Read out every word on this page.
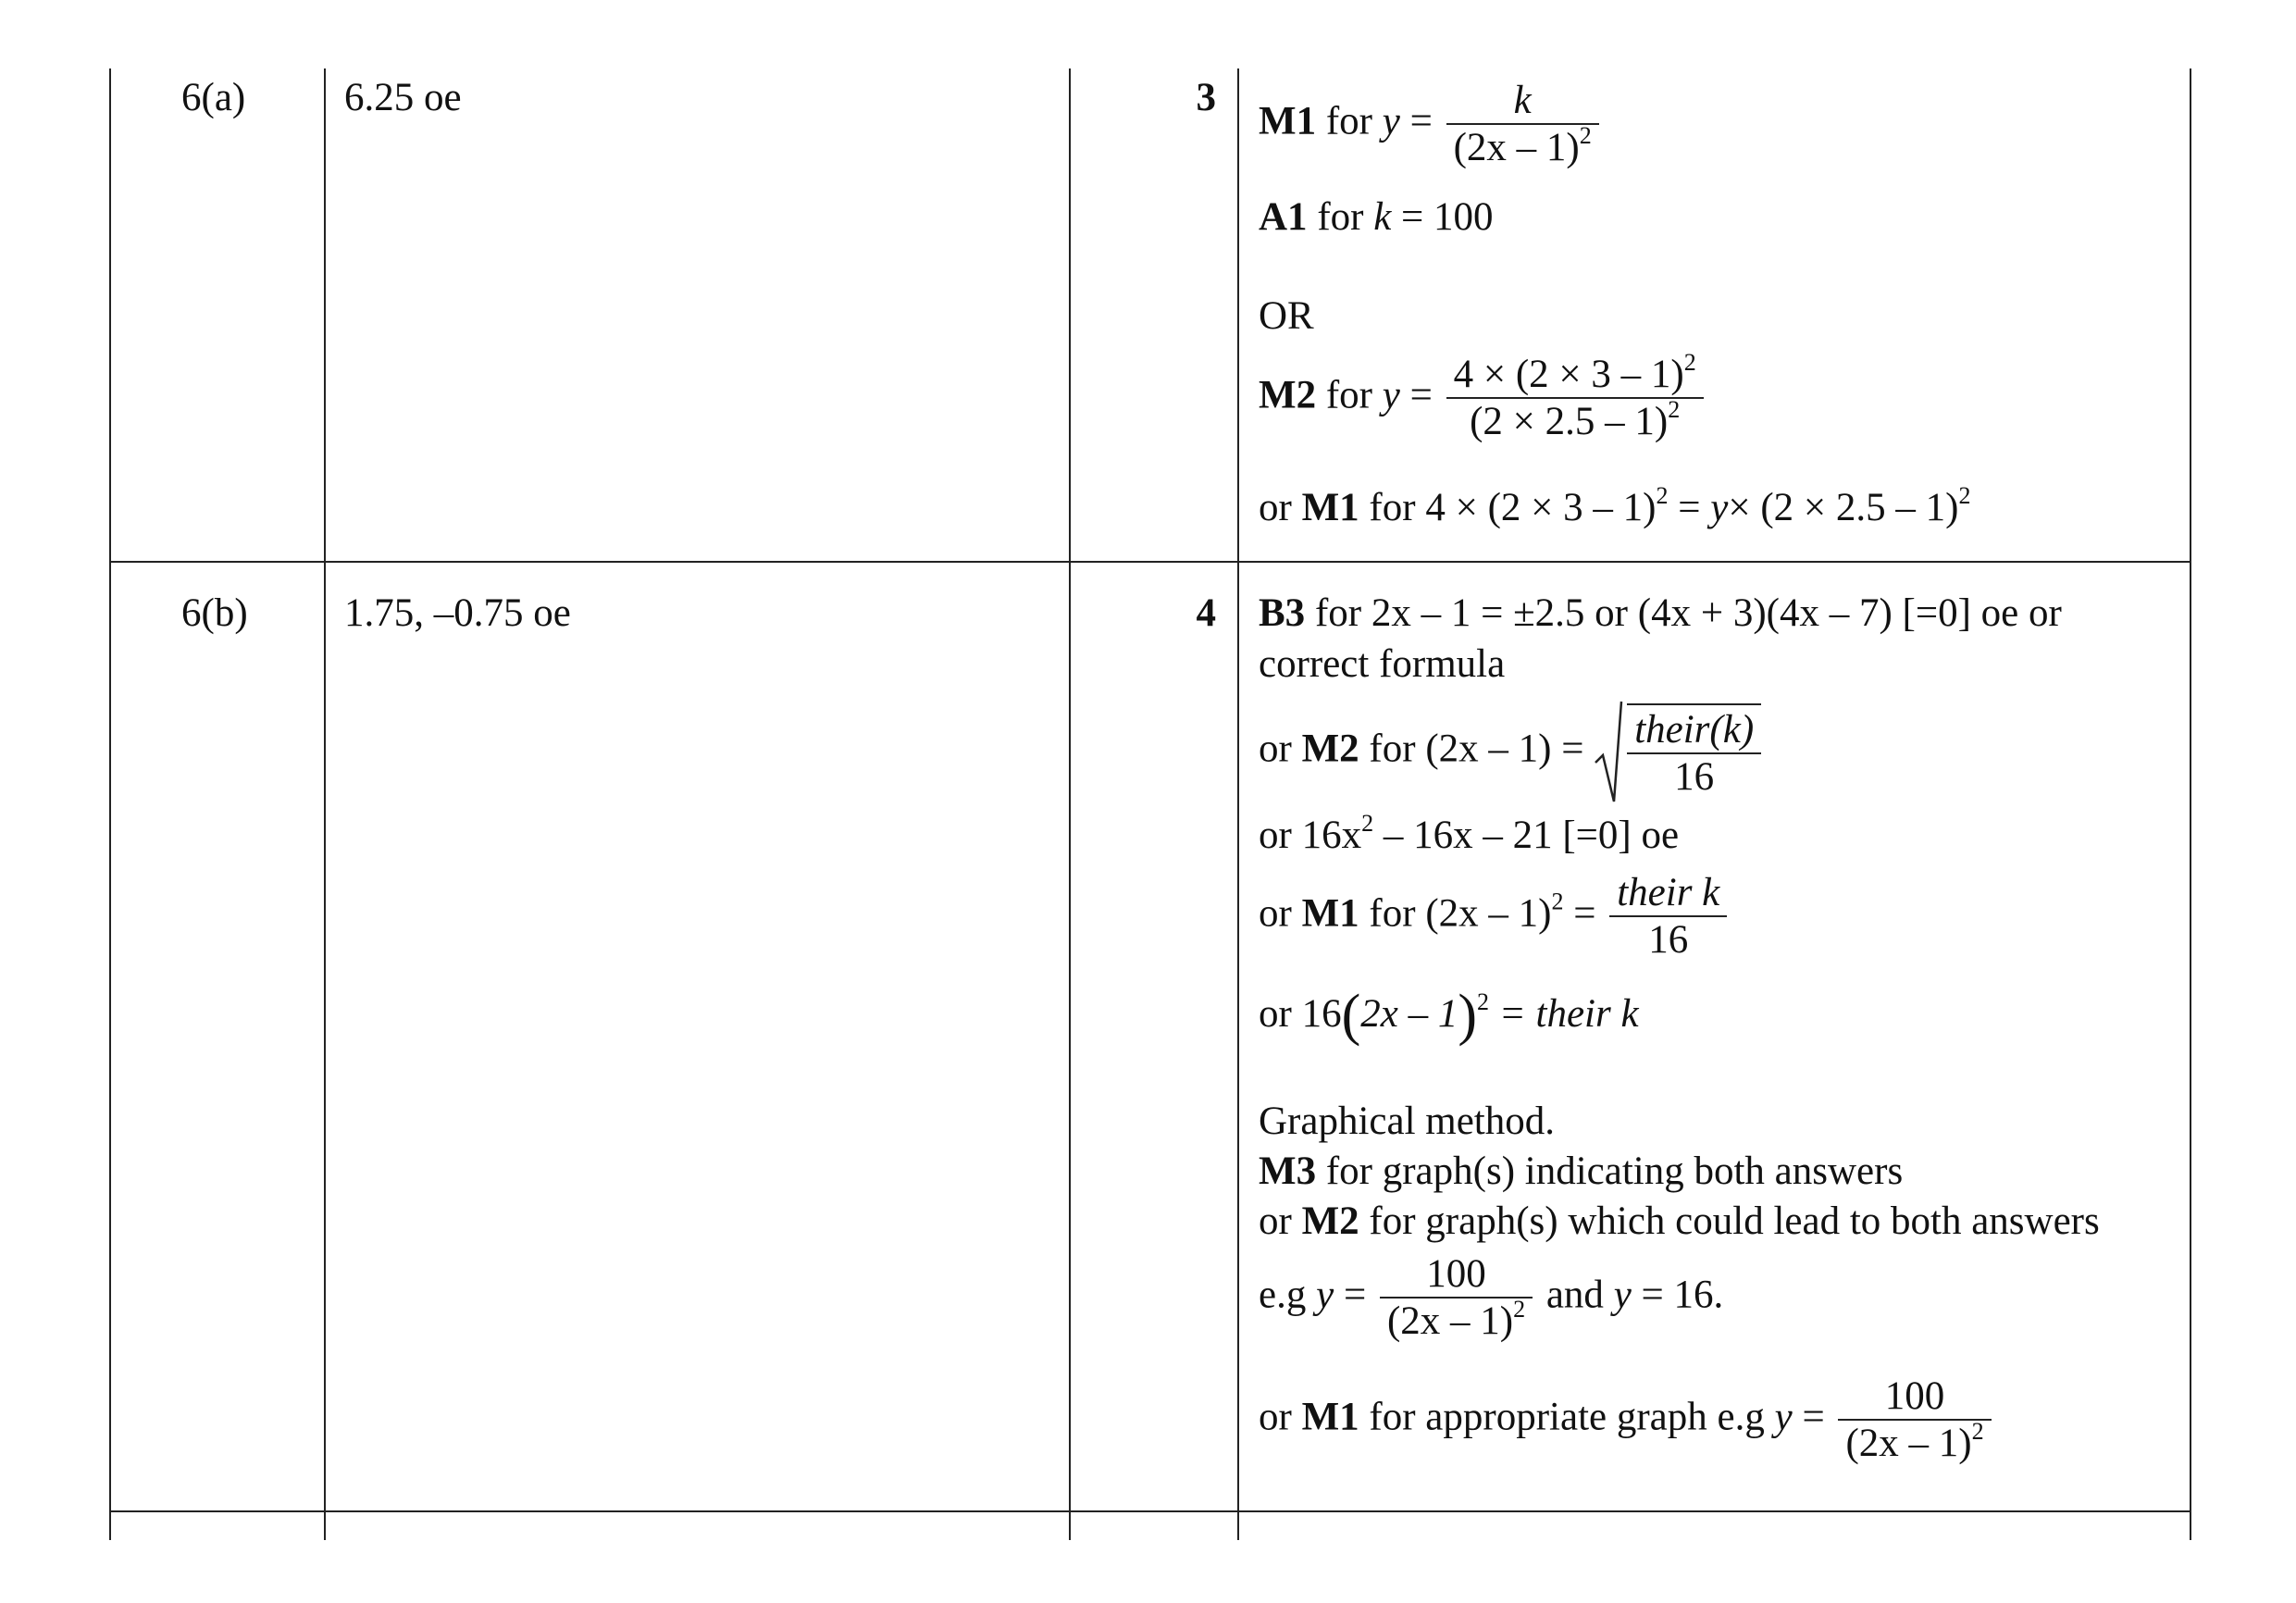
6(a) 6.25 oe	3
M1 for $y = \frac{k}{(2x - 1)^2}$
A1 for k = 100
OR
M2 for $y = \frac{4 \times (2 \times 3 - 1)^2}{(2 \times 2.5 - 1)^2}$
or M1 for $4 \times (2 \times 3 - 1)^2 = y\times (2 \times 2.5 - 1)^2$
6(b) 1.75, –0.75 oe	4 B3 for 2x – 1 = ±2.5 or (4x + 3)(4x – 7) [=0] oe or
correct formula
or M2 for $(2x - 1) = \frac{\text{their(k)}}{16}$
or $16x^2 - 16x - 21$ [=0] oe
or M1 for $(2x - 1)^2 = \frac{\text{their k}}{16}$
or 16(2x – 1)$^2$ = their k
Graphical method.
M3 for graph(s) indicating both answers
or M2 for graph(s) which could lead to both answers
e.g $y = \frac{100}{(2x - 1)^2}$ and y = 16.
or M1 for appropriate graph e.g $y = \frac{100}{(2x - 1)^2}$
